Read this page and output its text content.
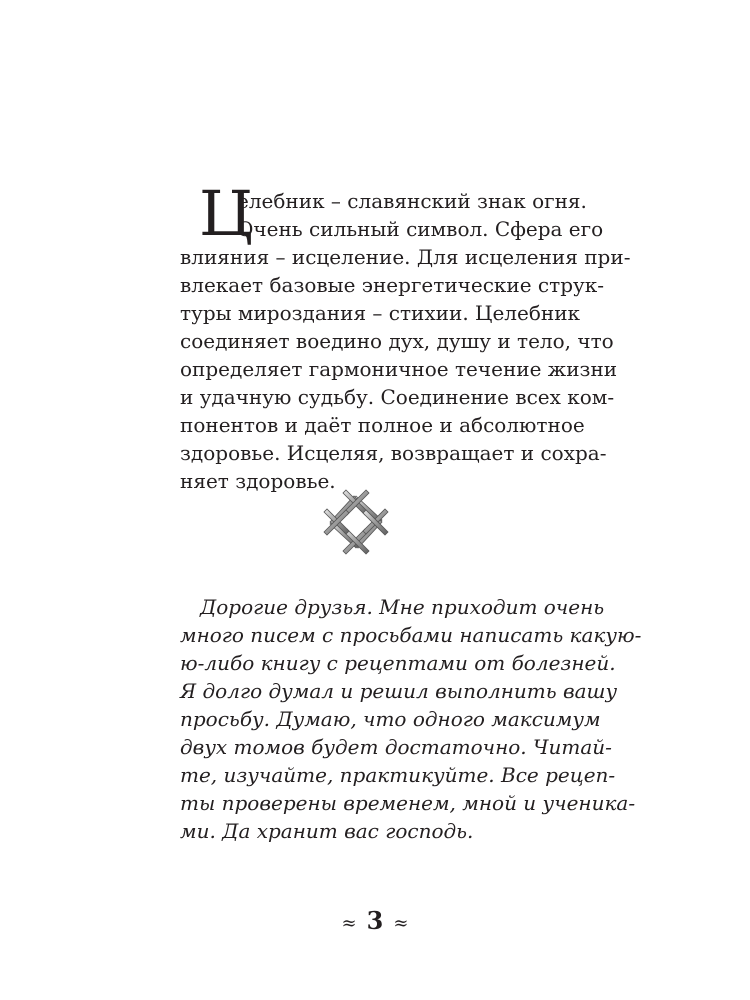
Ц
елебник – славянский знак огня.
Очень сильный символ. Сфера его
влияния – исцеление. Для исцеления при-
влекает базовые энергетические струк-
туры мироздания – стихии. Целебник
соединяет воедино дух, душу и тело, что
определяет гармоничное течение жизни
и удачную судьбу. Соединение всех ком-
понентов и даёт полное и абсолютное
здоровье. Исцеляя, возвращает и сохра-
няет здоровье.
Дорогие друзья. Мне приходит очень
много писем с просьбами написать какую-
ю-либо книгу с рецептами от болезней.
Я долго думал и решил выполнить вашу
просьбу. Думаю, что одного максимум
двух томов будет достаточно. Читай-
те, изучайте, практикуйте. Все рецеп-
ты проверены временем, мной и ученика-
ми. Да хранит вас господь.
≈ 3 ≈
